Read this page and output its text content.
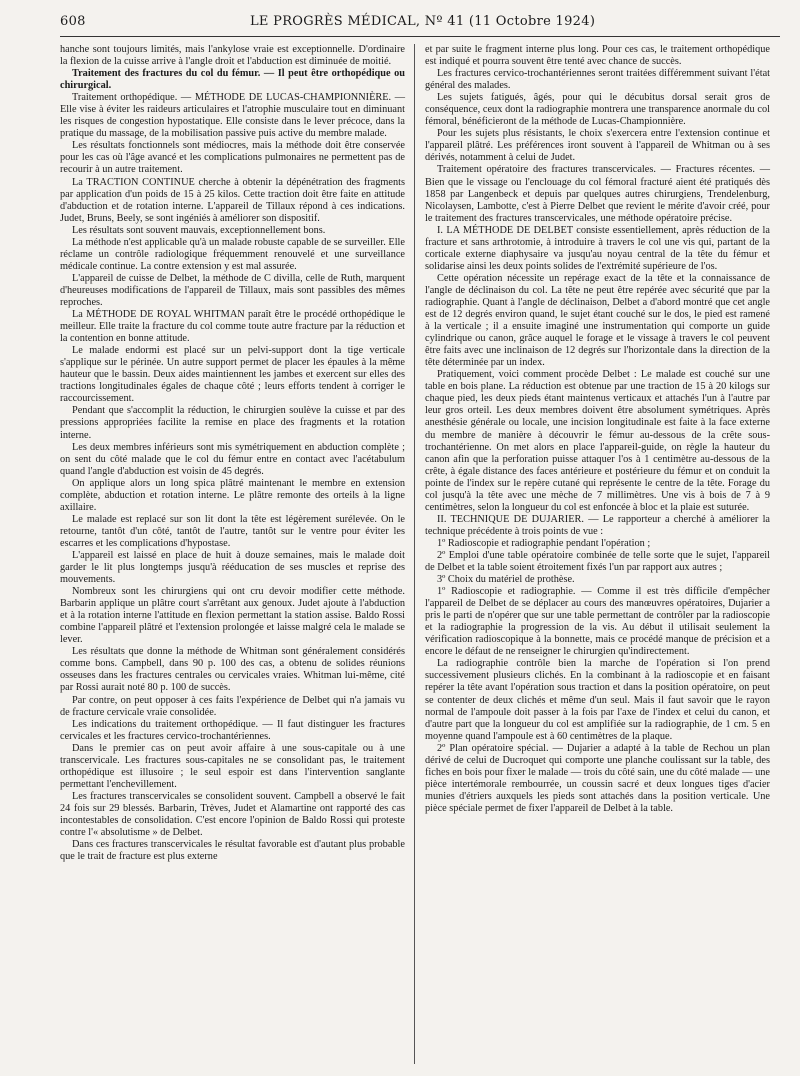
608	LE PROGRÈS MÉDICAL, Nº 41 (11 Octobre 1924)

hanche sont toujours limités, mais l'ankylose vraie est exceptionnelle. D'ordinaire la flexion de la cuisse arrive à l'angle droit et l'abduction est diminuée de moitié.

Traitement des fractures du col du fémur. — Il peut être orthopédique ou chirurgical.

Traitement orthopédique. — MÉTHODE DE LUCAS-CHAMPIONNIÈRE. — Elle vise à éviter les raideurs articulaires et l'atrophie musculaire tout en diminuant les risques de congestion hypostatique. Elle consiste dans le lever précoce, dans la pratique du massage, de la mobilisation passive puis active du membre malade.

Les résultats fonctionnels sont médiocres, mais la méthode doit être conservée pour les cas où l'âge avancé et les complications pulmonaires ne permettent pas de recourir à un autre traitement.

La TRACTION CONTINUE cherche à obtenir la dépénétration des fragments par application d'un poids de 15 à 25 kilos. Cette traction doit être faite en attitude d'abduction et de rotation interne. L'appareil de Tillaux répond à ces indications. Judet, Bruns, Beely, se sont ingéniés à améliorer son dispositif.

Les résultats sont souvent mauvais, exceptionnellement bons.

La méthode n'est applicable qu'à un malade robuste capable de se surveiller. Elle réclame un contrôle radiologique fréquemment renouvelé et une surveillance médicale continue. La contre extension y est mal assurée.

L'appareil de cuisse de Delbet, la méthode de C divilla, celle de Ruth, marquent d'heureuses modifications de l'appareil de Tillaux, mais sont passibles des mêmes reproches.

La MÉTHODE DE ROYAL WHITMAN paraît être le procédé orthopédique le meilleur. Elle traite la fracture du col comme toute autre fracture par la réduction et la contention en bonne attitude.

Le malade endormi est placé sur un pelvi-support dont la tige verticale s'applique sur le périnée. Un autre support permet de placer les épaules à la même hauteur que le bassin. Deux aides maintiennent les jambes et exercent sur elles des tractions longitudinales égales de chaque côté ; leurs efforts tendent à corriger le raccourcissement.

Pendant que s'accomplit la réduction, le chirurgien soulève la cuisse et par des pressions appropriées facilite la remise en place des fragments et la rotation interne.

Les deux membres inférieurs sont mis symétriquement en abduction complète ; on sent du côté malade que le col du fémur entre en contact avec l'acétabulum quand l'angle d'abduction est voisin de 45 degrés.

On applique alors un long spica plâtré maintenant le membre en extension complète, abduction et rotation interne. Le plâtre remonte des orteils à la ligne axillaire.

Le malade est replacé sur son lit dont la tête est légèrement surélevée. On le retourne, tantôt d'un côté, tantôt de l'autre, tantôt sur le ventre pour éviter les escarres et les complications d'hypostase.

L'appareil est laissé en place de huit à douze semaines, mais le malade doit garder le lit plus longtemps jusqu'à rééducation de ses muscles et reprise des mouvements.

Nombreux sont les chirurgiens qui ont cru devoir modifier cette méthode. Barbarin applique un plâtre court s'arrêtant aux genoux. Judet ajoute à l'abduction et à la rotation interne l'attitude en flexion permettant la station assise. Baldo Rossi combine l'appareil plâtré et l'extension prolongée et laisse malgré cela le malade se lever.

Les résultats que donne la méthode de Whitman sont généralement considérés comme bons. Campbell, dans 90 p. 100 des cas, a obtenu de solides réunions osseuses dans les fractures centrales ou cervicales vraies. Whitman lui-même, cité par Rossi aurait noté 80 p. 100 de succès.

Par contre, on peut opposer à ces faits l'expérience de Delbet qui n'a jamais vu de fracture cervicale vraie consolidée.

Les indications du traitement orthopédique. — Il faut distinguer les fractures cervicales et les fractures cervico-trochantériennes.

Dans le premier cas on peut avoir affaire à une sous-capitale ou à une transcervicale. Les fractures sous-capitales ne se consolidant pas, le traitement orthopédique est illusoire ; le seul espoir est dans l'intervention sanglante permettant l'enchevillement.

Les fractures transcervicales se consolident souvent. Campbell a observé le fait 24 fois sur 29 blessés. Barbarin, Trèves, Judet et Alamartine ont rapporté des cas incontestables de consolidation. C'est encore l'opinion de Baldo Rossi qui proteste contre l'« absolutisme » de Delbet.

Dans ces fractures transcervicales le résultat favorable est d'autant plus probable que le trait de fracture est plus externe

et par suite le fragment interne plus long. Pour ces cas, le traitement orthopédique est indiqué et pourra souvent être tenté avec chance de succès.

Les fractures cervico-trochantériennes seront traitées différemment suivant l'état général des malades.

Les sujets fatigués, âgés, pour qui le décubitus dorsal serait gros de conséquence, ceux dont la radiographie montrera une transparence anormale du col fémoral, bénéficieront de la méthode de Lucas-Championnière.

Pour les sujets plus résistants, le choix s'exercera entre l'extension continue et l'appareil plâtré. Les préférences iront souvent à l'appareil de Whitman ou à ses dérivés, notamment à celui de Judet.

Traitement opératoire des fractures transcervicales. — Fractures récentes. — Bien que le vissage ou l'enclouage du col fémoral fracturé aient été pratiqués dès 1858 par Langenbeck et depuis par quelques autres chirurgiens, Trendelenburg, Nicolaysen, Lambotte, c'est à Pierre Delbet que revient le mérite d'avoir créé, pour le traitement des fractures transcervicales, une méthode opératoire précise.

I. LA MÉTHODE DE DELBET consiste essentiellement, après réduction de la fracture et sans arthrotomie, à introduire à travers le col une vis qui, partant de la corticale externe diaphysaire va jusqu'au noyau central de la tête du fémur et solidarise ainsi les deux points solides de l'extrémité supérieure de l'os.

Cette opération nécessite un repérage exact de la tête et la connaissance de l'angle de déclinaison du col. La tête ne peut être repérée avec sécurité que par la radiographie. Quant à l'angle de déclinaison, Delbet a d'abord montré que cet angle est de 12 degrés environ quand, le sujet étant couché sur le dos, le pied est ramené à la verticale ; il a ensuite imaginé une instrumentation qui comporte un guide cylindrique ou canon, grâce auquel le forage et le vissage à travers le col peuvent être faits avec une inclinaison de 12 degrés sur l'horizontale dans la direction de la tête déterminée par un index.

Pratiquement, voici comment procède Delbet : Le malade est couché sur une table en bois plane. La réduction est obtenue par une traction de 15 à 20 kilogs sur chaque pied, les deux pieds étant maintenus verticaux et attachés l'un à l'autre par leur gros orteil. Les deux membres doivent être absolument symétriques. Après anesthésie générale ou locale, une incision longitudinale est faite à la face externe du membre de manière à découvrir le fémur au-dessous de la crête sous-trochantérienne. On met alors en place l'appareil-guide, on règle la hauteur du canon afin que la perforation puisse attaquer l'os à 1 centimètre au-dessous de la crête, à égale distance des faces antérieure et postérieure du fémur et on conduit la pointe de l'index sur le repère cutané qui représente le centre de la tête. Forage du col jusqu'à la tête avec une mèche de 7 millimètres. Une vis à bois de 7 à 9 centimètres, selon la longueur du col est enfoncée à bloc et la plaie est suturée.

II. TECHNIQUE DE DUJARIER. — Le rapporteur a cherché à améliorer la technique précédente à trois points de vue :

1º Radioscopie et radiographie pendant l'opération ;

2º Emploi d'une table opératoire combinée de telle sorte que le sujet, l'appareil de Delbet et la table soient étroitement fixés l'un par rapport aux autres ;

3º Choix du matériel de prothèse.

1º Radioscopie et radiographie. — Comme il est très difficile d'empêcher l'appareil de Delbet de se déplacer au cours des manœuvres opératoires, Dujarier a pris le parti de n'opérer que sur une table permettant de contrôler par la radioscopie et la radiographie la progression de la vis. Au début il utilisait seulement la vérification radioscopique à la bonnette, mais ce procédé manque de précision et a encore le défaut de ne renseigner le chirurgien qu'indirectement.

La radiographie contrôle bien la marche de l'opération si l'on prend successivement plusieurs clichés. En la combinant à la radioscopie et en faisant repérer la tête avant l'opération sous traction et dans la position opératoire, on peut se contenter de deux clichés et même d'un seul. Mais il faut savoir que le rayon normal de l'ampoule doit passer à la fois par l'axe de l'index et celui du canon, et d'autre part que la longueur du col est amplifiée sur la radiographie, de 1 cm. 5 en moyenne quand l'ampoule est à 60 centimètres de la plaque.

2º Plan opératoire spécial. — Dujarier a adapté à la table de Rechou un plan dérivé de celui de Ducroquet qui comporte une planche coulissant sur la table, des fiches en bois pour fixer le malade — trois du côté sain, une du côté malade — une pièce intertémorale rembourrée, un coussin sacré et deux longues tiges d'acier munies d'étriers auxquels les pieds sont attachés dans la position verticale. Une pièce spéciale permet de fixer l'appareil de Delbet à la table.
